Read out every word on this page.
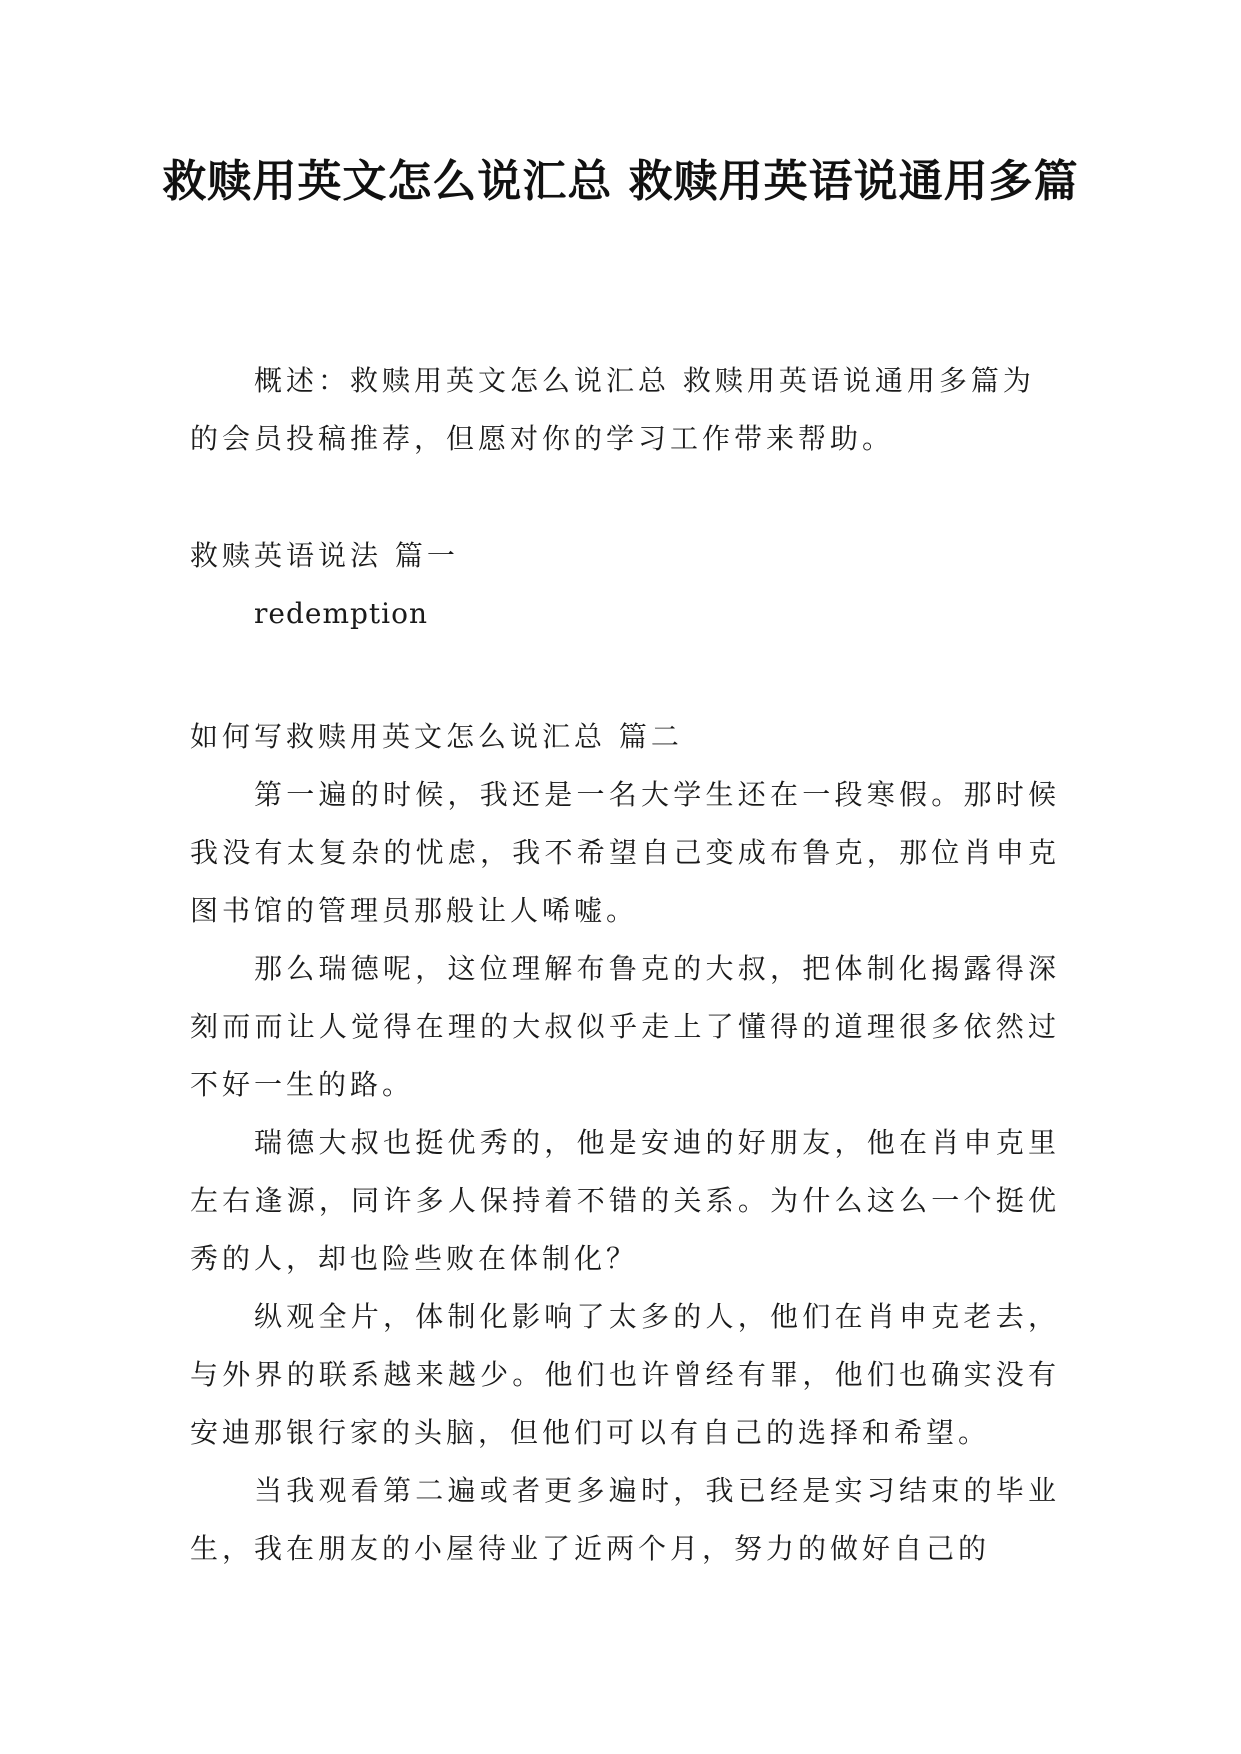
救赎用英文怎么说汇总 救赎用英语说通用多篇

概述：救赎用英文怎么说汇总 救赎用英语说通用多篇为的会员投稿推荐，但愿对你的学习工作带来帮助。

救赎英语说法 篇一

redemption

如何写救赎用英文怎么说汇总 篇二

第一遍的时候，我还是一名大学生还在一段寒假。那时候我没有太复杂的忧虑，我不希望自己变成布鲁克，那位肖申克图书馆的管理员那般让人唏嘘。

那么瑞德呢，这位理解布鲁克的大叔，把体制化揭露得深刻而而让人觉得在理的大叔似乎走上了懂得的道理很多依然过不好一生的路。

瑞德大叔也挺优秀的，他是安迪的好朋友，他在肖申克里左右逢源，同许多人保持着不错的关系。为什么这么一个挺优秀的人，却也险些败在体制化？

纵观全片，体制化影响了太多的人，他们在肖申克老去，与外界的联系越来越少。他们也许曾经有罪，他们也确实没有安迪那银行家的头脑，但他们可以有自己的选择和希望。

当我观看第二遍或者更多遍时，我已经是实习结束的毕业生，我在朋友的小屋待业了近两个月，努力的做好自己的
